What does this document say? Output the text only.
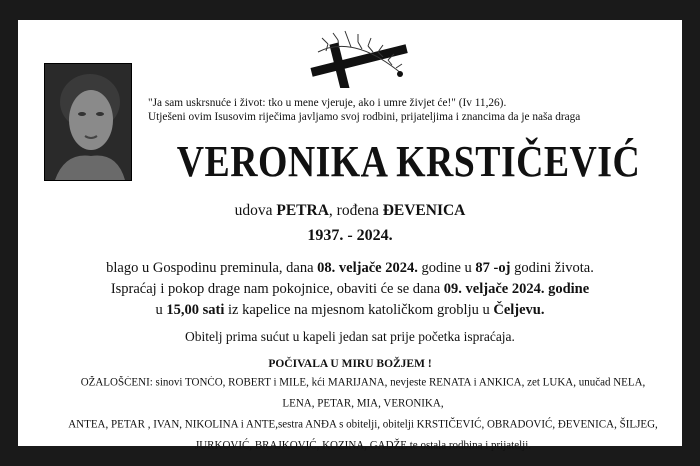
"Ja sam uskrsnuće i život: tko u mene vjeruje, ako i umre živjet će!" (Iv 11,26).

Utješeni ovim Isusovim riječima javljamo svoj rodbini, prijateljima i znancima da je naša draga

VERONIKA KRSTIČEVIĆ
udova PETRA, rođena ĐEVENICA
1937. - 2024.
blago u Gospodinu preminula, dana 08. veljače 2024. godine u 87 -oj godini života.
Ispraćaj i pokop drage nam pokojnice, obaviti će se dana 09. veljače 2024. godine
u 15,00 sati iz kapelice na mjesnom katoličkom groblju u Čeljevu.
Obitelj prima sućut u kapeli jedan sat prije početka ispraćaja.
POČIVALA U MIRU BOŽJEM !
OŽALOŠĆENI: sinovi TONĆO, ROBERT i MILE, kći MARIJANA, nevjeste RENATA i ANKICA, zet LUKA, unučad NELA, LENA, PETAR, MIA, VERONIKA,
ANTEA, PETAR , IVAN, NIKOLINA i ANTE,sestra ANĐA s obitelji, obitelji KRSTIČEVIĆ, OBRADOVIĆ, ĐEVENICA, ŠILJEG,
JURKOVIĆ, BRAJKOVIĆ, KOZINA, GADŽE te ostala rodbina i prijatelji.
